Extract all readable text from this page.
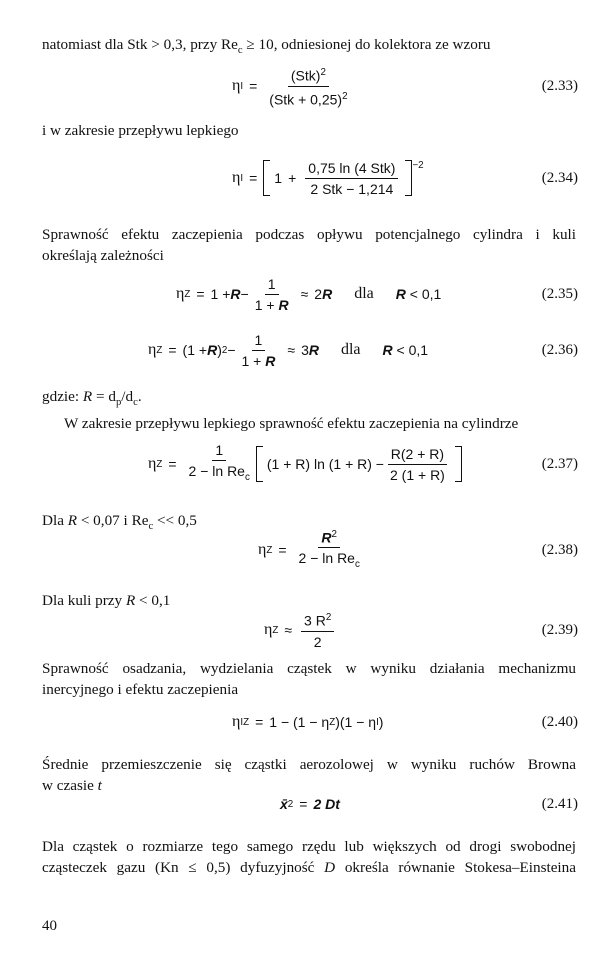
natomiast dla Stk > 0,3, przy $Re_c \ge 10$, odniesionej do kolektora ze wzoru
η $I = \frac{(Stk)^2}{(Stk + 0,25)^2}$	(2.33)
i w zakresie przepływu lepkiego
η $I = 1 + \frac{\text{0,75 ln (4 Stk)}}{\text{2 Stk − 1,214}} ^{-2}$
(2.34)
Sprawność efektu zaczepienia podczas opływu potencjalnego cylindra i kuli
określają zależności
η $Z = 1 + R - \frac{1}{1 + R} \approx 2$ R dla R
< 0,1	(2.35)
η Z = (1 + R ) $2 - \frac{1}{1 + R} \approx 3$ R dla R
< 0,1	(2.36)
gdzie: $R = d_p/d_c$.
W zakresie przepływu lepkiego sprawność efektu zaczepienia na cylindrze
η $Z = \frac{1}{2 - \ln Re_c} (1 + R)$ $\ln (1 + R) - \frac{R(2 + R)}{2 (1 + R)}$	(2.37)
Dla R < 0,07 i $Re_c << 0,5$
η $Z = \frac{R^2}{2 - \ln Re_c}$	(2.38)
Dla kuli przy R < 0,1
η $Z \approx \frac{3 R^2}{2}$	(2.39)
Sprawność osadzania, wydzielania cząstek w wyniku działania mechanizmu
inercyjnego i efektu zaczepienia
η IZ = 1 − (1 − η Z )(1 − η I )	(2.40)
Średnie przemieszczenie się cząstki aerozolowej w wyniku ruchów Browna
w czasie t
x̄ 2 = 2 Dt	(2.41)
Dla cząstek o rozmiarze tego samego rzędu lub większych od drogi swobodnej
cząsteczek gazu (Kn ≤ 0,5) dyfuzyjność D określa równanie Stokesa–Einsteina
40
